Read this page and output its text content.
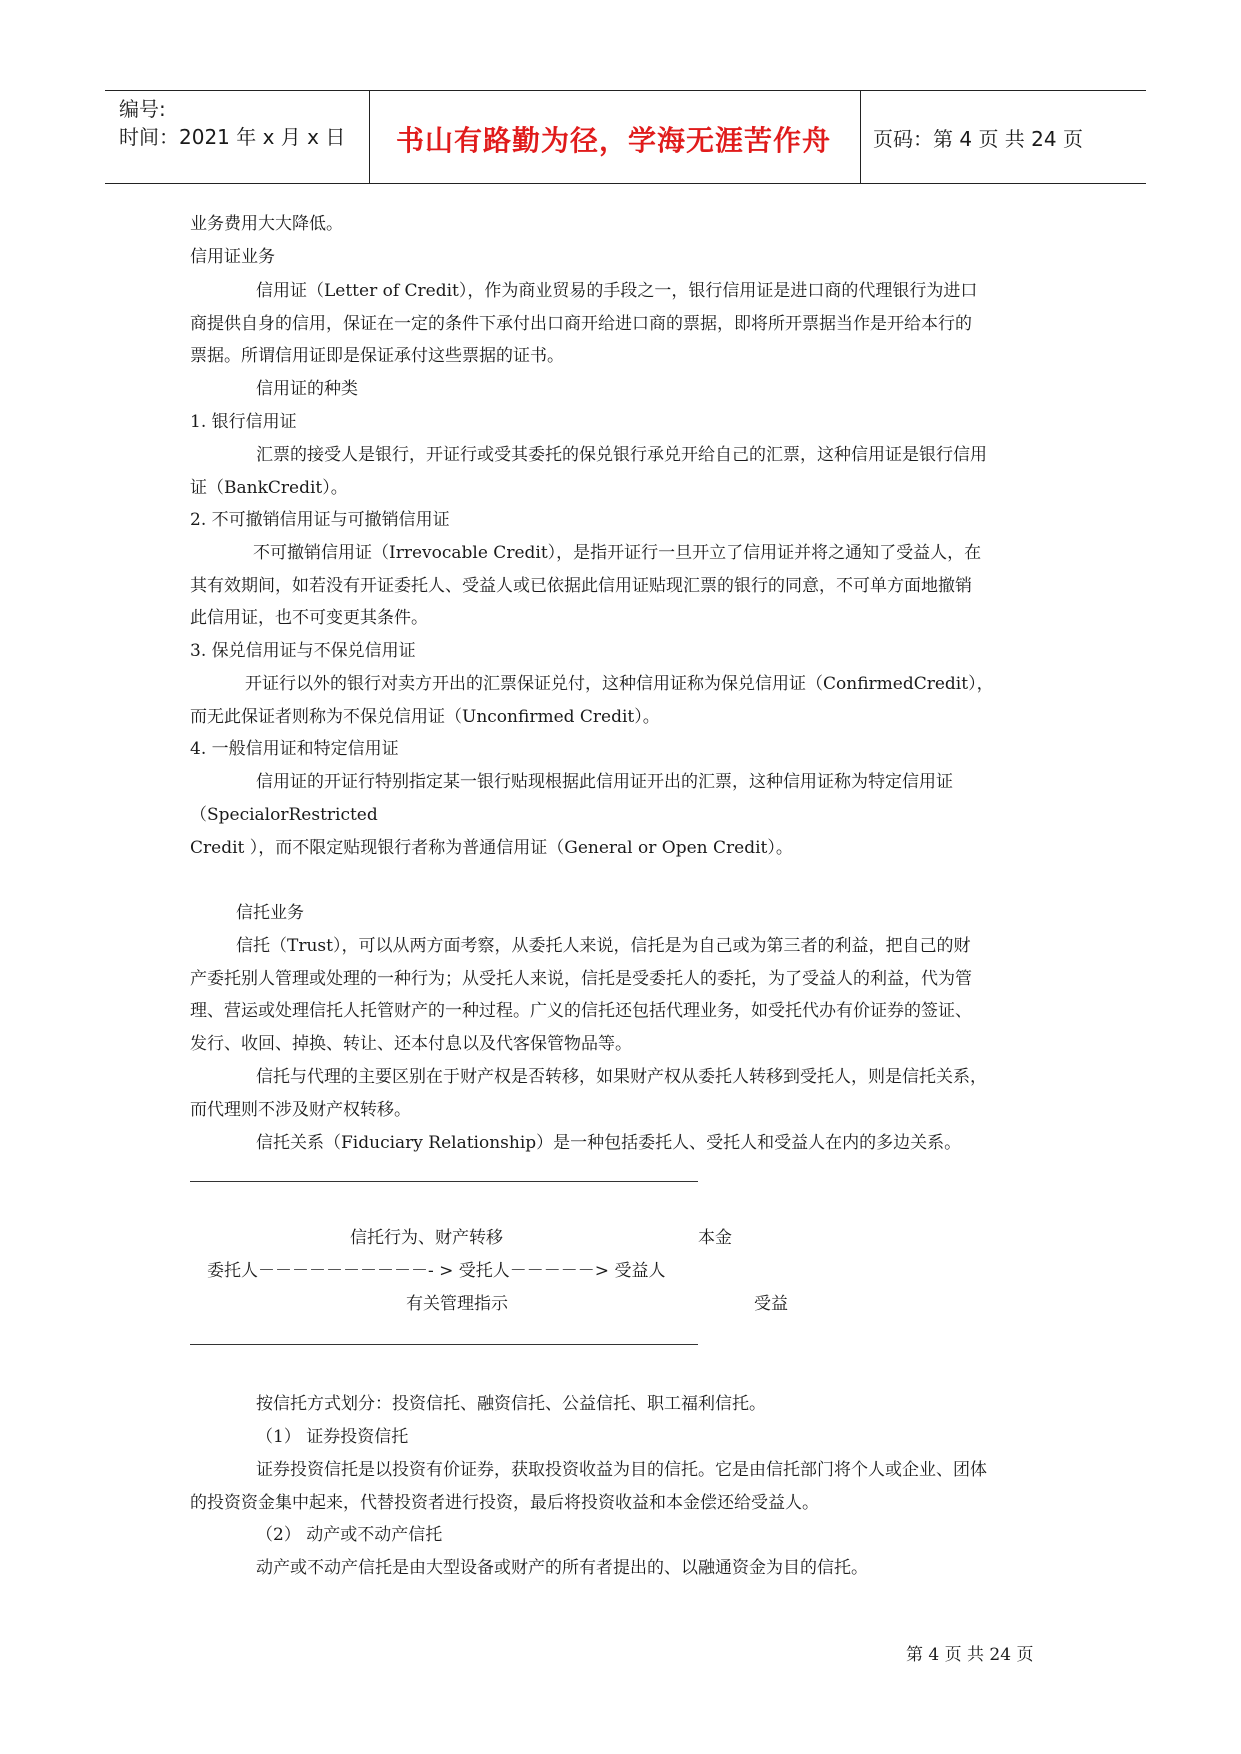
编号:
时间：2021 年 x 月 x 日	书山有路勤为径，学海无涯苦作舟	页码：第 4 页 共 24 页
业务费用大大降低。
信用证业务
信用证（Letter of Credit），作为商业贸易的手段之一，银行信用证是进口商的代理银行为进口
商提供自身的信用，保证在一定的条件下承付出口商开给进口商的票据，即将所开票据当作是开给本行的
票据。所谓信用证即是保证承付这些票据的证书。
信用证的种类
1. 银行信用证
汇票的接受人是银行，开证行或受其委托的保兑银行承兑开给自己的汇票，这种信用证是银行信用
证（BankCredit）。
2. 不可撤销信用证与可撤销信用证
不可撤销信用证（Irrevocable Credit），是指开证行一旦开立了信用证并将之通知了受益人，在
其有效期间，如若没有开证委托人、受益人或已依据此信用证贴现汇票的银行的同意，不可单方面地撤销
此信用证，也不可变更其条件。
3. 保兑信用证与不保兑信用证
开证行以外的银行对卖方开出的汇票保证兑付，这种信用证称为保兑信用证（ConfirmedCredit），
而无此保证者则称为不保兑信用证（Unconfirmed Credit）。
4. 一般信用证和特定信用证
信用证的开证行特别指定某一银行贴现根据此信用证开出的汇票，这种信用证称为特定信用证
（SpecialorRestricted
Credit ），而不限定贴现银行者称为普通信用证（General or Open Credit）。
信托业务
信托（Trust），可以从两方面考察，从委托人来说，信托是为自己或为第三者的利益，把自己的财
产委托别人管理或处理的一种行为；从受托人来说，信托是受委托人的委托，为了受益人的利益，代为管
理、营运或处理信托人托管财产的一种过程。广义的信托还包括代理业务，如受托代办有价证券的签证、
发行、收回、掉换、转让、还本付息以及代客保管物品等。
信托与代理的主要区别在于财产权是否转移，如果财产权从委托人转移到受托人，则是信托关系，
而代理则不涉及财产权转移。
信托关系（Fiduciary Relationship）是一种包括委托人、受托人和受益人在内的多边关系。
信托行为、财产转移	本金
委托人－－－－－－－－－－- > 受托人－－－－－> 受益人
有关管理指示	受益
按信托方式划分：投资信托、融资信托、公益信托、职工福利信托。
（1） 证券投资信托
证券投资信托是以投资有价证券，获取投资收益为目的信托。它是由信托部门将个人或企业、团体
的投资资金集中起来，代替投资者进行投资，最后将投资收益和本金偿还给受益人。
（2） 动产或不动产信托
动产或不动产信托是由大型设备或财产的所有者提出的、以融通资金为目的信托。
第 4 页 共 24 页
